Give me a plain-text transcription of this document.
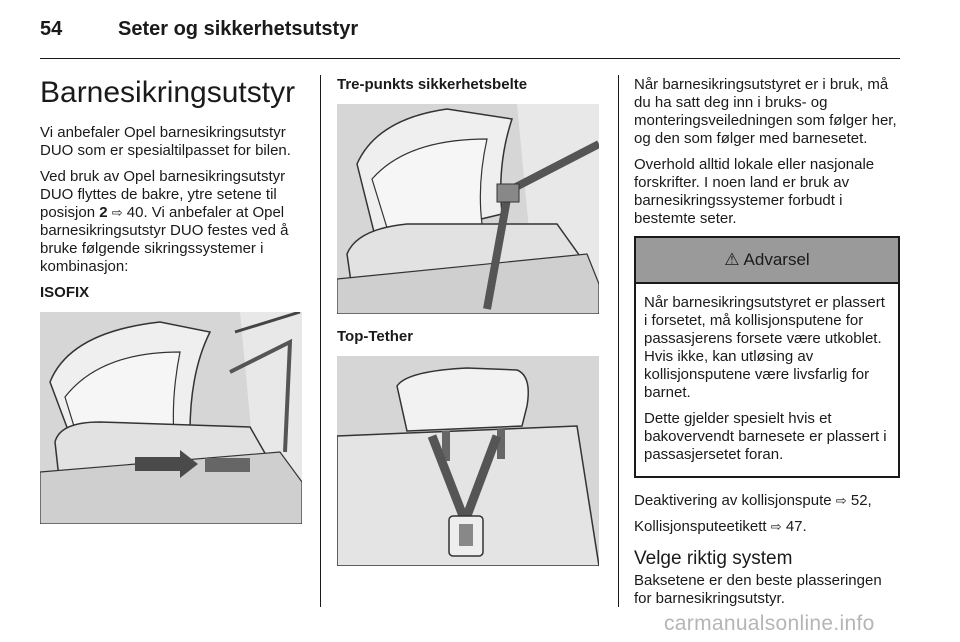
54	Seter og sikkerhetsutstyr
Barnesikringsutstyr

Vi anbefaler Opel barnesikringsutstyr DUO som er spesialtilpasset for bilen.

Ved bruk av Opel barnesikringsutstyr DUO flyttes de bakre, ytre setene til posisjon 2 ⇨ 40. Vi anbefaler at Opel barnesikringsutstyr DUO festes ved å bruke følgende sikringssystemer i kombinasjon:

ISOFIX
Tre-punkts sikkerhetsbelte
Top-Tether

Når barnesikringsutstyret er i bruk, må du ha satt deg inn i bruks- og monteringsveiledningen som følger her, og den som følger med barnesetet.

Overhold alltid lokale eller nasjonale forskrifter. I noen land er bruk av barnesikringssystemer forbudt i bestemte seter.

⚠ Advarsel

Når barnesikringsutstyret er plassert i forsetet, må kollisjonsputene for passasjerens forsete være utkoblet. Hvis ikke, kan utløsing av kollisjonsputene være livsfarlig for barnet.

Dette gjelder spesielt hvis et bakovervendt barnesete er plassert i passasjersetet foran.

Deaktivering av kollisjonspute ⇨ 52,

Kollisjonsputeetikett ⇨ 47.

Velge riktig system

Baksetene er den beste plasseringen for barnesikringsutstyr.

carmanualsonline.info
